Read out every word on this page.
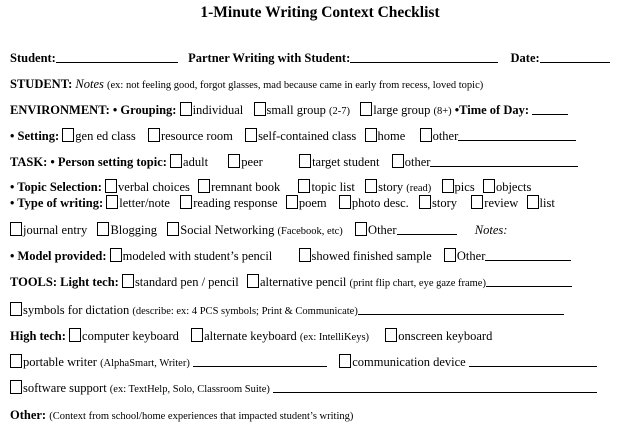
1-Minute Writing Context Checklist
Student:	Partner Writing with Student:	Date:
STUDENT: Notes (ex: not feeling good, forgot glasses, mad because came in early from recess, loved topic)
ENVIRONMENT: • Grouping: individual small group (2-7) large group (8+) •Time of Day:
• Setting: gen ed class resource room self-contained class home other
TASK: • Person setting topic: adult	peer	target student other
• Topic Selection: verbal choices remnant book	topic list story (read) pics objects
• Type of writing: letter/note reading response poem photo desc. story review list
journal entry Blogging Social Networking (Facebook, etc) Other	Notes:
• Model provided: modeled with student’s pencil	showed finished sample Other
TOOLS: Light tech: standard pen / pencil alternative pencil (print flip chart, eye gaze frame)
symbols for dictation (describe: ex: 4 PCS symbols; Print & Communicate)
High tech: computer keyboard alternate keyboard (ex: IntelliKeys) onscreen keyboard
portable writer (AlphaSmart, Writer)	communication device
software support (ex: TextHelp, Solo, Classroom Suite)
Other: (Context from school/home experiences that impacted student’s writing)
